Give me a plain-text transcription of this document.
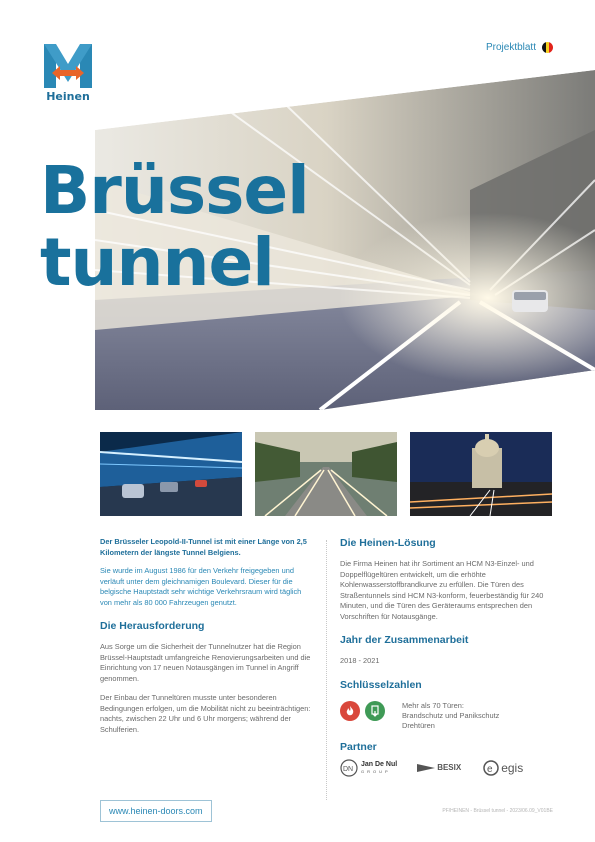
Heinen
Projektblatt
Brüssel
tunnel

Der Brüsseler Leopold-II-Tunnel ist mit einer Länge von 2,5 Kilometern der längste Tunnel Belgiens.

Sie wurde im August 1986 für den Verkehr freigegeben und verläuft unter dem gleichnamigen Boulevard. Dieser für die belgische Hauptstadt sehr wichtige Verkehrsraum wird täglich von mehr als 80 000 Fahrzeugen genutzt.

Die Herausforderung

Aus Sorge um die Sicherheit der Tunnelnutzer hat die Region Brüssel-Hauptstadt umfangreiche Renovierungsarbeiten und die Einrichtung von 17 neuen Notausgängen im Tunnel in Angriff genommen.

Der Einbau der Tunneltüren musste unter besonderen Bedingungen erfolgen, um die Mobilität nicht zu beeinträchtigen: nachts, zwischen 22 Uhr und 6 Uhr morgens; während der Schulferien.

Die Heinen-Lösung

Die Firma Heinen hat ihr Sortiment an HCM N3-Einzel- und Doppelflügeltüren entwickelt, um die erhöhte Kohlenwasserstoffbrandkurve zu erfüllen. Die Türen des Straßentunnels sind HCM N3-konform, feuerbeständig für 240 Minuten, und die Türen des Geräteraums entsprechen den Vorschriften für Notausgänge.

Jahr der Zusammenarbeit

2018 - 2021

Schlüsselzahlen
Mehr als 70 Türen:
Brandschutz und Panikschutz
Drehtüren
Partner
DN
Jan De Nul
GROUP	BESIX	e egis
www.heinen-doors.com	PF/HEINEN - Brüssel tunnel - 2023/06.09_V01BE
